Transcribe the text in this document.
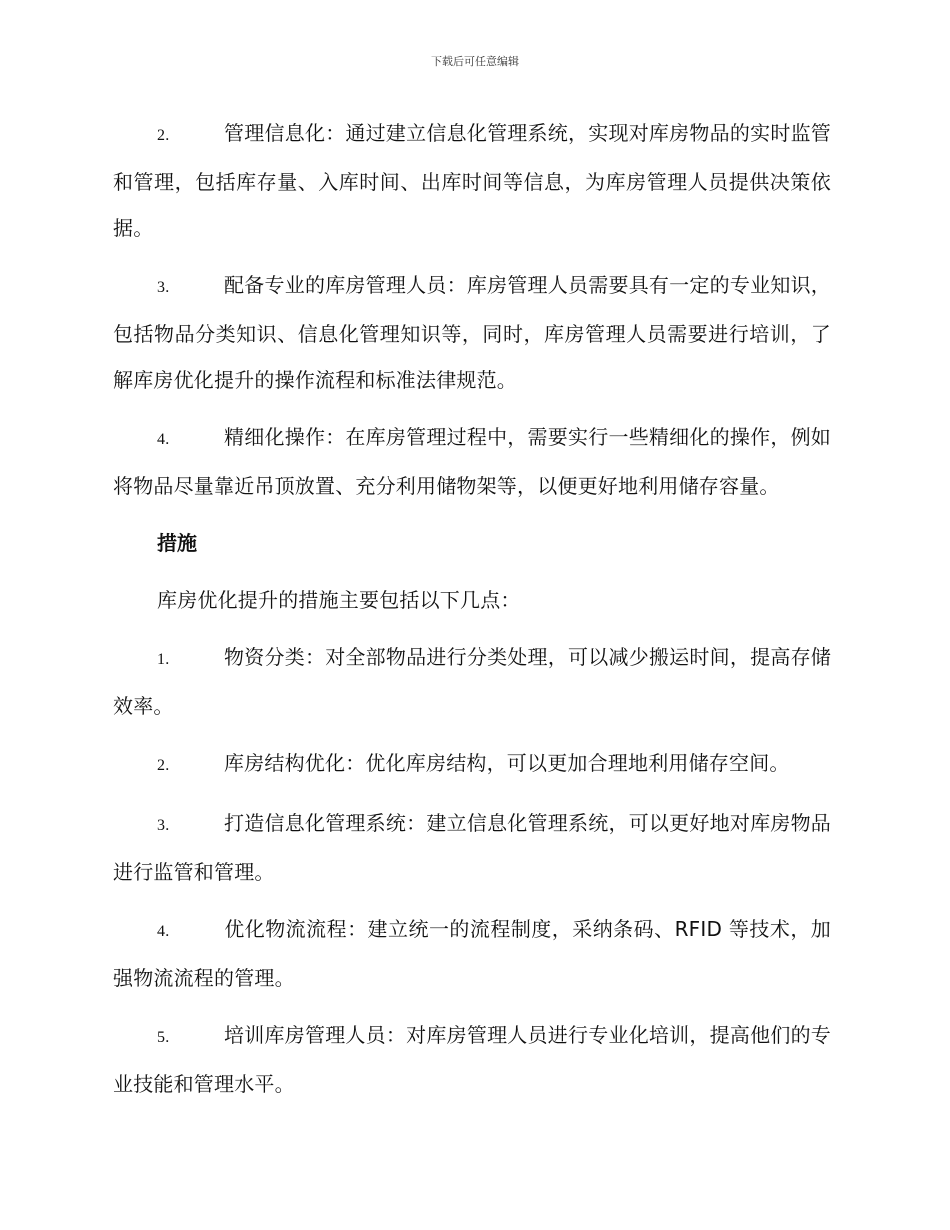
下载后可任意编辑

2.	管理信息化：通过建立信息化管理系统，实现对库房物品的实时监管和管理，包括库存量、入库时间、出库时间等信息，为库房管理人员提供决策依据。

3.	配备专业的库房管理人员：库房管理人员需要具有一定的专业知识，包括物品分类知识、信息化管理知识等，同时，库房管理人员需要进行培训，了解库房优化提升的操作流程和标准法律规范。

4.	精细化操作：在库房管理过程中，需要实行一些精细化的操作，例如将物品尽量靠近吊顶放置、充分利用储物架等，以便更好地利用储存容量。

措施

库房优化提升的措施主要包括以下几点：

1.	物资分类：对全部物品进行分类处理，可以减少搬运时间，提高存储效率。

2.	库房结构优化：优化库房结构，可以更加合理地利用储存空间。

3.	打造信息化管理系统：建立信息化管理系统，可以更好地对库房物品进行监管和管理。

4.	优化物流流程：建立统一的流程制度，采纳条码、RFID 等技术，加强物流流程的管理。

5.	培训库房管理人员：对库房管理人员进行专业化培训，提高他们的专业技能和管理水平。
